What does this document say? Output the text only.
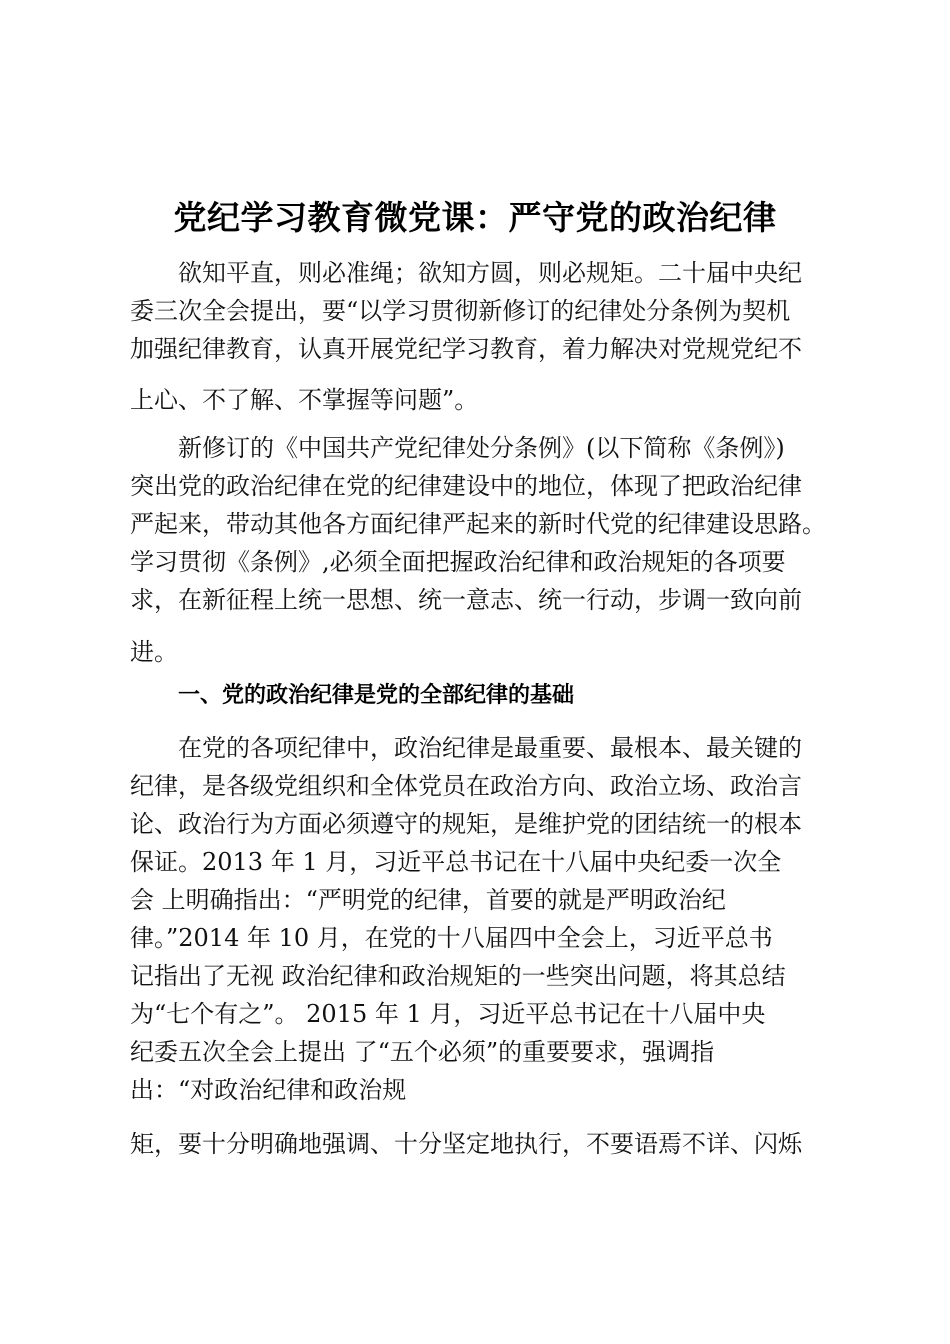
党纪学习教育微党课：严守党的政治纪律
欲知平直，则必准绳；欲知方圆，则必规矩。二十届中央纪
委三次全会提出，要“以学习贯彻新修订的纪律处分条例为契机
加强纪律教育，认真开展党纪学习教育，着力解决对党规党纪不
上心、不了解、不掌握等问题”。
新修订的《中国共产党纪律处分条例》(以下简称《条例》)
突出党的政治纪律在党的纪律建设中的地位，体现了把政治纪律
严起来，带动其他各方面纪律严起来的新时代党的纪律建设思路。
学习贯彻《条例》,必须全面把握政治纪律和政治规矩的各项要
求，在新征程上统一思想、统一意志、统一行动，步调一致向前
进。
一、党的政治纪律是党的全部纪律的基础
在党的各项纪律中，政治纪律是最重要、最根本、最关键的
纪律，是各级党组织和全体党员在政治方向、政治立场、政治言
论、政治行为方面必须遵守的规矩，是维护党的团结统一的根本
保证。2013 年 1 月，习近平总书记在十八届中央纪委一次全
会 上明确指出：“严明党的纪律，首要的就是严明政治纪
律。”2014 年 10 月，在党的十八届四中全会上，习近平总书
记指出了无视 政治纪律和政治规矩的一些突出问题，将其总结
为“七个有之”。 2015 年 1 月，习近平总书记在十八届中央
纪委五次全会上提出 了“五个必须”的重要要求，强调指
出：“对政治纪律和政治规
矩，要十分明确地强调、十分坚定地执行，不要语焉不详、闪烁
